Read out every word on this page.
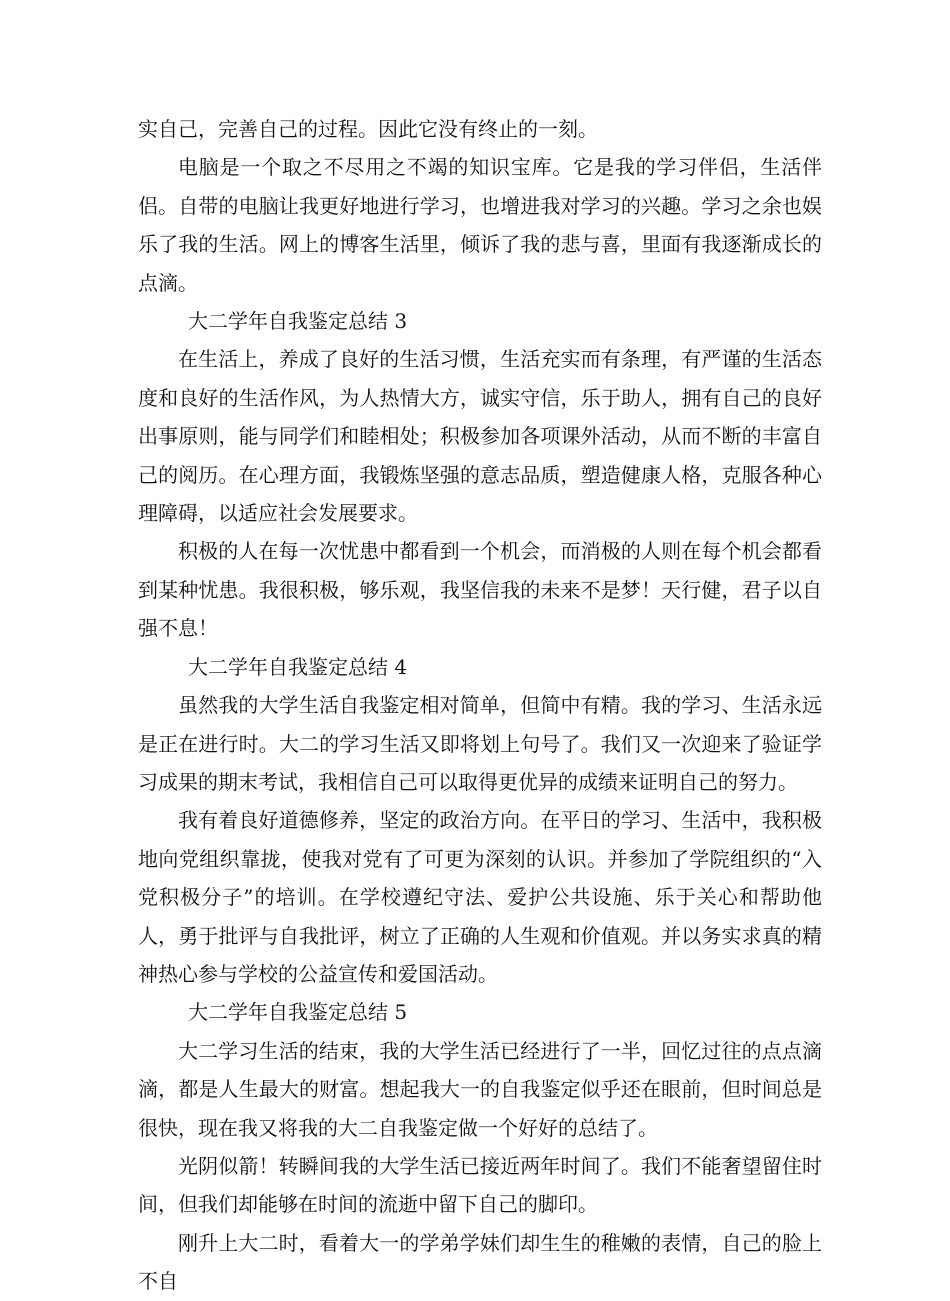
实自己，完善自己的过程。因此它没有终止的一刻。

电脑是一个取之不尽用之不竭的知识宝库。它是我的学习伴侣，生活伴侣。自带的电脑让我更好地进行学习，也增进我对学习的兴趣。学习之余也娱乐了我的生活。网上的博客生活里，倾诉了我的悲与喜，里面有我逐渐成长的点滴。

大二学年自我鉴定总结 3

在生活上，养成了良好的生活习惯，生活充实而有条理，有严谨的生活态度和良好的生活作风，为人热情大方，诚实守信，乐于助人，拥有自己的良好出事原则，能与同学们和睦相处；积极参加各项课外活动，从而不断的丰富自己的阅历。在心理方面，我锻炼坚强的意志品质，塑造健康人格，克服各种心理障碍，以适应社会发展要求。

积极的人在每一次忧患中都看到一个机会，而消极的人则在每个机会都看到某种忧患。我很积极，够乐观，我坚信我的未来不是梦！天行健，君子以自强不息！

大二学年自我鉴定总结 4

虽然我的大学生活自我鉴定相对简单，但简中有精。我的学习、生活永远是正在进行时。大二的学习生活又即将划上句号了。我们又一次迎来了验证学习成果的期末考试，我相信自己可以取得更优异的成绩来证明自己的努力。

我有着良好道德修养，坚定的政治方向。在平日的学习、生活中，我积极地向党组织靠拢，使我对党有了可更为深刻的认识。并参加了学院组织的“入党积极分子”的培训。在学校遵纪守法、爱护公共设施、乐于关心和帮助他人，勇于批评与自我批评，树立了正确的人生观和价值观。并以务实求真的精神热心参与学校的公益宣传和爱国活动。

大二学年自我鉴定总结 5

大二学习生活的结束，我的大学生活已经进行了一半，回忆过往的点点滴滴，都是人生最大的财富。想起我大一的自我鉴定似乎还在眼前，但时间总是很快，现在我又将我的大二自我鉴定做一个好好的总结了。

光阴似箭！转瞬间我的大学生活已接近两年时间了。我们不能奢望留住时间，但我们却能够在时间的流逝中留下自己的脚印。

刚升上大二时，看着大一的学弟学妹们却生生的稚嫩的表情，自己的脸上不自
